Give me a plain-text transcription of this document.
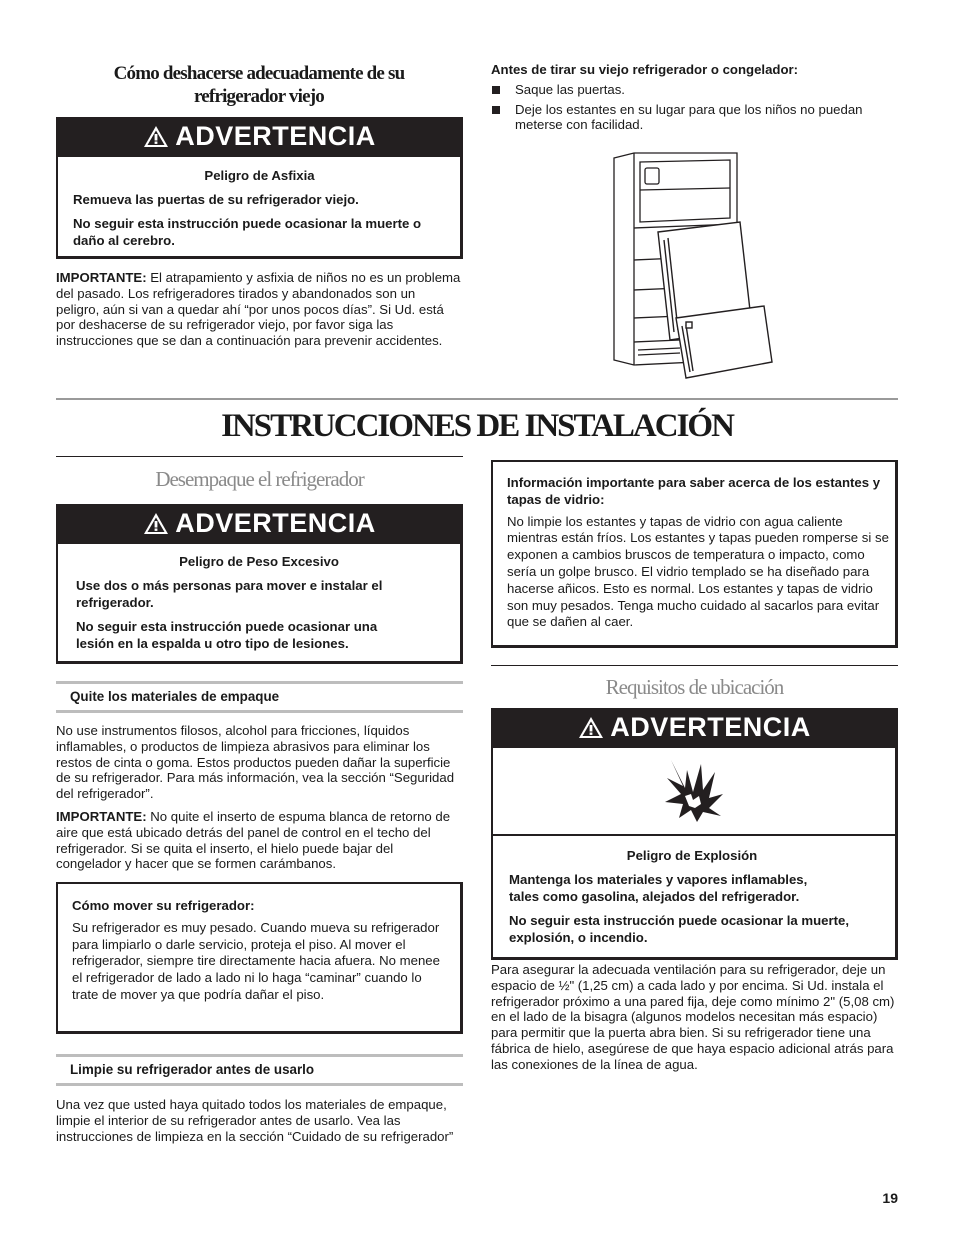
Cómo deshacerse adecuadamente de su
refrigerador viejo
ADVERTENCIA

Peligro de Asfixia

Remueva las puertas de su refrigerador viejo.

No seguir esta instrucción puede ocasionar la muerte o daño al cerebro.

IMPORTANTE: El atrapamiento y asfixia de niños no es un problema del pasado. Los refrigeradores tirados y abandonados son un peligro, aún si van a quedar ahí “por unos pocos días”. Si Ud. está por deshacerse de su refrigerador viejo, por favor siga las instrucciones que se dan a continuación para prevenir accidentes.
Antes de tirar su viejo refrigerador o congelador:
Saque las puertas.
Deje los estantes en su lugar para que los niños no puedan meterse con facilidad.
INSTRUCCIONES DE INSTALACIÓN
Desempaque el refrigerador
ADVERTENCIA

Peligro de Peso Excesivo

Use dos o más personas para mover e instalar el refrigerador.

No seguir esta instrucción puede ocasionar una lesión en la espalda u otro tipo de lesiones.

Quite los materiales de empaque

No use instrumentos filosos, alcohol para fricciones, líquidos inflamables, o productos de limpieza abrasivos para eliminar los restos de cinta o goma. Estos productos pueden dañar la superficie de su refrigerador. Para más información, vea la sección “Seguridad del refrigerador”.

IMPORTANTE: No quite el inserto de espuma blanca de retorno de aire que está ubicado detrás del panel de control en el techo del refrigerador. Si se quita el inserto, el hielo puede bajar del congelador y hacer que se formen carámbanos.

Cómo mover su refrigerador:
Su refrigerador es muy pesado. Cuando mueva su refrigerador para limpiarlo o darle servicio, proteja el piso. Al mover el refrigerador, siempre tire directamente hacia afuera. No menee el refrigerador de lado a lado ni lo haga “caminar” cuando lo trate de mover ya que podría dañar el piso.
Limpie su refrigerador antes de usarlo
Una vez que usted haya quitado todos los materiales de empaque, limpie el interior de su refrigerador antes de usarlo. Vea las instrucciones de limpieza en la sección “Cuidado de su refrigerador”
Información importante para saber acerca de los estantes y tapas de vidrio:
No limpie los estantes y tapas de vidrio con agua caliente mientras están fríos. Los estantes y tapas pueden romperse si se exponen a cambios bruscos de temperatura o impacto, como sería un golpe brusco. El vidrio templado se ha diseñado para hacerse añicos. Esto es normal. Los estantes y tapas de vidrio son muy pesados. Tenga mucho cuidado al sacarlos para evitar que se dañen al caer.
Requisitos de ubicación
ADVERTENCIA

Peligro de Explosión

Mantenga los materiales y vapores inflamables, tales como gasolina, alejados del refrigerador.

No seguir esta instrucción puede ocasionar la muerte, explosión, o incendio.

Para asegurar la adecuada ventilación para su refrigerador, deje un espacio de ½" (1,25 cm) a cada lado y por encima. Si Ud. instala el refrigerador próximo a una pared fija, deje como mínimo 2" (5,08 cm) en el lado de la bisagra (algunos modelos necesitan más espacio) para permitir que la puerta abra bien. Si su refrigerador tiene una fábrica de hielo, asegúrese de que haya espacio adicional atrás para las conexiones de la línea de agua.
19
